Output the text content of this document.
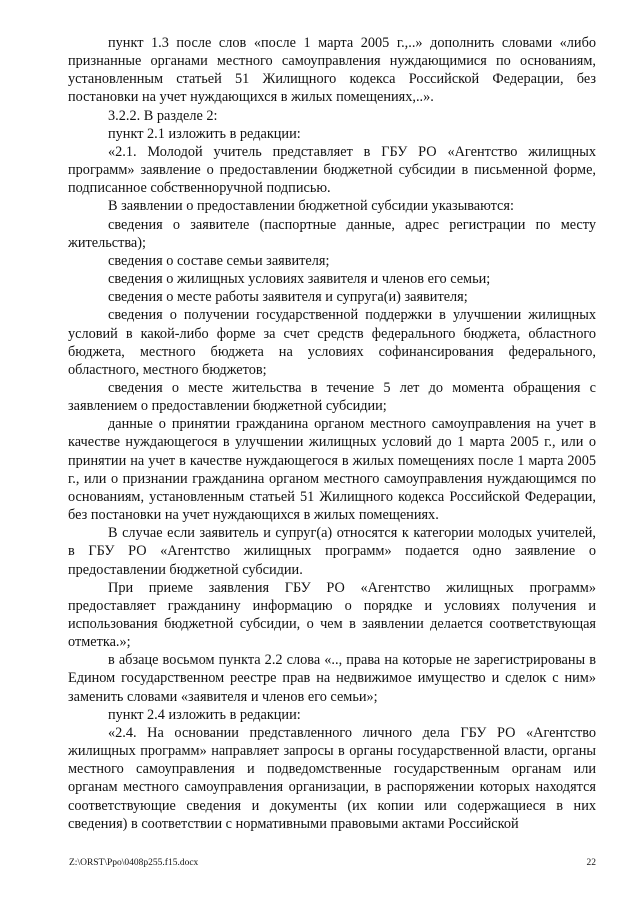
пункт 1.3 после слов «после 1 марта 2005 г.,..» дополнить словами «либо признанные органами местного самоуправления нуждающимися по основаниям, установленным статьей 51 Жилищного кодекса Российской Федерации, без постановки на учет нуждающихся в жилых помещениях,..».

3.2.2. В разделе 2:

пункт 2.1 изложить в редакции:

«2.1. Молодой учитель представляет в ГБУ РО «Агентство жилищных программ» заявление о предоставлении бюджетной субсидии в письменной форме, подписанное собственноручной подписью.

В заявлении о предоставлении бюджетной субсидии указываются:

сведения о заявителе (паспортные данные, адрес регистрации по месту жительства);

сведения о составе семьи заявителя;

сведения о жилищных условиях заявителя и членов его семьи;

сведения о месте работы заявителя и супруга(и) заявителя;

сведения о получении государственной поддержки в улучшении жилищных условий в какой-либо форме за счет средств федерального бюджета, областного бюджета, местного бюджета на условиях софинансирования федерального, областного, местного бюджетов;

сведения о месте жительства в течение 5 лет до момента обращения с заявлением о предоставлении бюджетной субсидии;

данные о принятии гражданина органом местного самоуправления на учет в качестве нуждающегося в улучшении жилищных условий до 1 марта 2005 г., или о принятии на учет в качестве нуждающегося в жилых помещениях после 1 марта 2005 г., или о признании гражданина органом местного самоуправления нуждающимся по основаниям, установленным статьей 51 Жилищного кодекса Российской Федерации, без постановки на учет нуждающихся в жилых помещениях.

В случае если заявитель и супруг(а) относятся к категории молодых учителей, в ГБУ РО «Агентство жилищных программ» подается одно заявление о предоставлении бюджетной субсидии.

При приеме заявления ГБУ РО «Агентство жилищных программ» предоставляет гражданину информацию о порядке и условиях получения и использования бюджетной субсидии, о чем в заявлении делается соответствующая отметка.»;

в абзаце восьмом пункта 2.2 слова «.., права на которые не зарегистрированы в Едином государственном реестре прав на недвижимое имущество и сделок с ним» заменить словами «заявителя и членов его семьи»;

пункт 2.4 изложить в редакции:

«2.4. На основании представленного личного дела ГБУ РО «Агентство жилищных программ» направляет запросы в органы государственной власти, органы местного самоуправления и подведомственные государственным органам или органам местного самоуправления организации, в распоряжении которых находятся соответствующие сведения и документы (их копии или содержащиеся в них сведения) в соответствии с нормативными правовыми актами Российской

Z:\ORST\Ppo\0408p255.f15.docx	22
